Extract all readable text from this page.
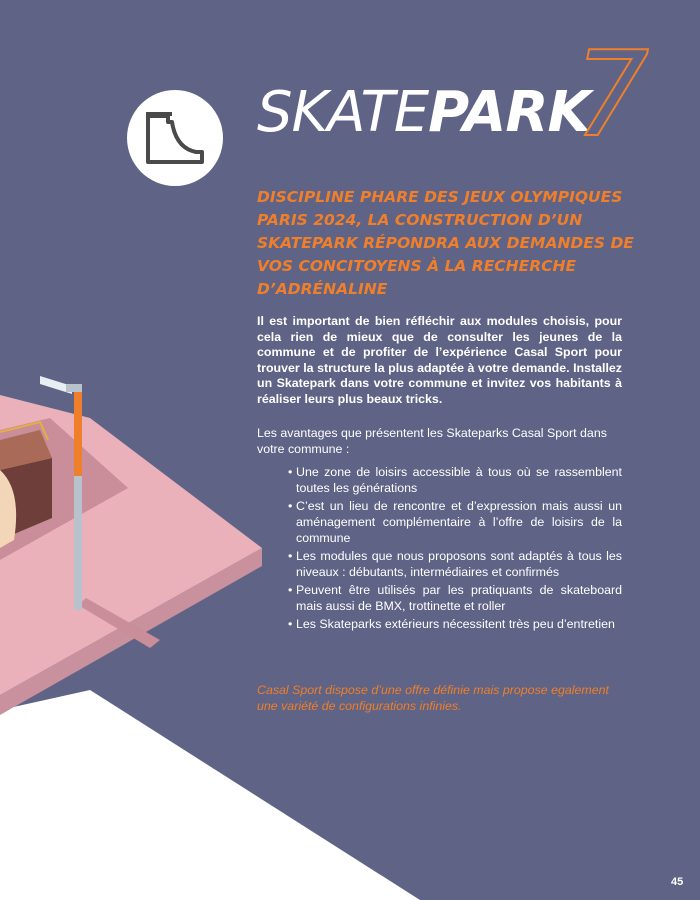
SKATEPARK
7

DISCIPLINE PHARE DES JEUX OLYMPIQUES PARIS 2024, LA CONSTRUCTION D’UN SKATEPARK RÉPONDRA AUX DEMANDES DE VOS CONCITOYENS À LA RECHERCHE D’ADRÉNALINE

Il est important de bien réfléchir aux modules choisis, pour cela rien de mieux que de consulter les jeunes de la commune et de profiter de l’expérience Casal Sport pour trouver la structure la plus adaptée à votre demande. Installez un Skatepark dans votre commune et invitez vos habitants à réaliser leurs plus beaux tricks.

Les avantages que présentent les Skateparks Casal Sport dans votre commune :

• Une zone de loisirs accessible à tous où se rassemblent toutes les générations
• C’est un lieu de rencontre et d’expression mais aussi un aménagement complémentaire à l’offre de loisirs de la commune
• Les modules que nous proposons sont adaptés à tous les niveaux : débutants, intermédiaires et confirmés
• Peuvent être utilisés par les pratiquants de skateboard mais aussi de BMX, trottinette et roller
• Les Skateparks extérieurs nécessitent très peu d’entretien

Casal Sport dispose d’une offre définie mais propose egalement une variété de configurations infinies.

45
